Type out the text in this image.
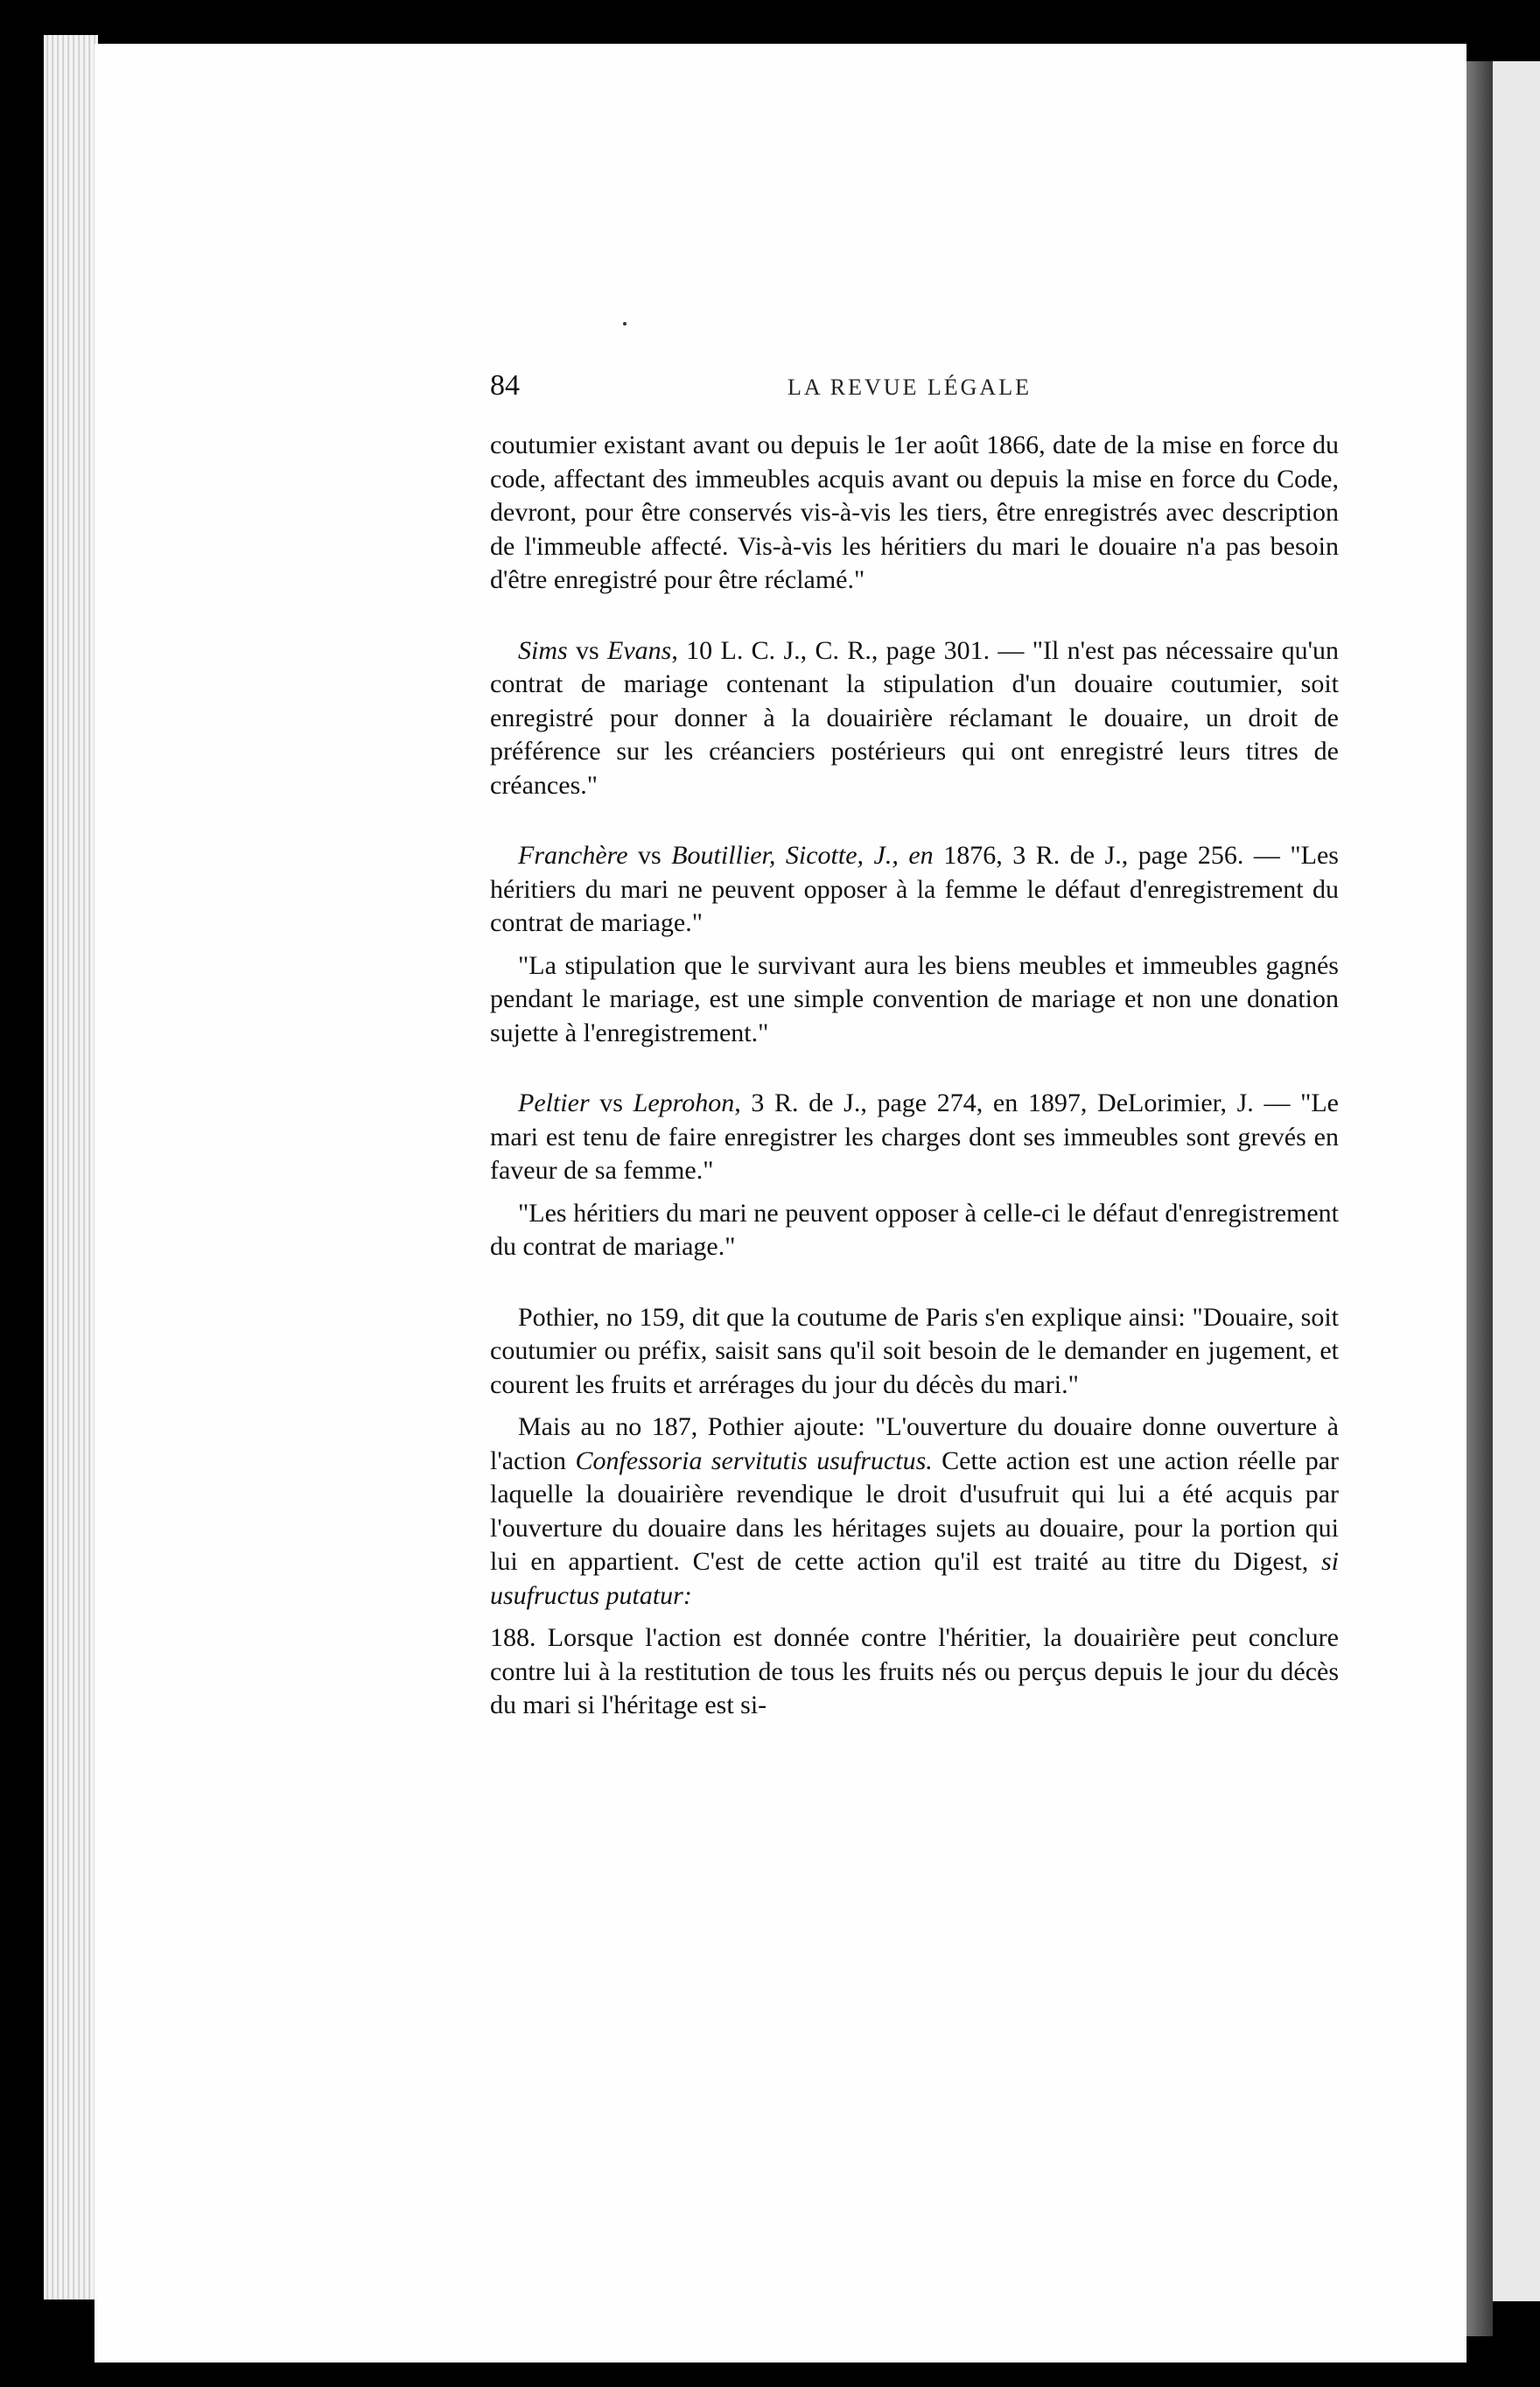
84	LA REVUE LÉGALE

coutumier existant avant ou depuis le 1er août 1866, date de la mise en force du code, affectant des immeubles acquis avant ou depuis la mise en force du Code, devront, pour être conservés vis-à-vis les tiers, être enregistrés avec description de l'immeuble affecté. Vis-à-vis les héritiers du mari le douaire n'a pas besoin d'être enregistré pour être réclamé."

Sims vs Evans, 10 L. C. J., C. R., page 301. — "Il n'est pas nécessaire qu'un contrat de mariage contenant la stipulation d'un douaire coutumier, soit enregistré pour donner à la douairière réclamant le douaire, un droit de préférence sur les créanciers postérieurs qui ont enregistré leurs titres de créances."

Franchère vs Boutillier, Sicotte, J., en 1876, 3 R. de J., page 256. — "Les héritiers du mari ne peuvent opposer à la femme le défaut d'enregistrement du contrat de mariage."

"La stipulation que le survivant aura les biens meubles et immeubles gagnés pendant le mariage, est une simple convention de mariage et non une donation sujette à l'enregistrement."

Peltier vs Leprohon, 3 R. de J., page 274, en 1897, DeLorimier, J. — "Le mari est tenu de faire enregistrer les charges dont ses immeubles sont grevés en faveur de sa femme."

"Les héritiers du mari ne peuvent opposer à celle-ci le défaut d'enregistrement du contrat de mariage."

Pothier, no 159, dit que la coutume de Paris s'en explique ainsi: "Douaire, soit coutumier ou préfix, saisit sans qu'il soit besoin de le demander en jugement, et courent les fruits et arrérages du jour du décès du mari."

Mais au no 187, Pothier ajoute: "L'ouverture du douaire donne ouverture à l'action Confessoria servitutis usufructus. Cette action est une action réelle par laquelle la douairière revendique le droit d'usufruit qui lui a été acquis par l'ouverture du douaire dans les héritages sujets au douaire, pour la portion qui lui en appartient. C'est de cette action qu'il est traité au titre du Digest, si usufructus putatur:

188. Lorsque l'action est donnée contre l'héritier, la douairière peut conclure contre lui à la restitution de tous les fruits nés ou perçus depuis le jour du décès du mari si l'héritage est si-
